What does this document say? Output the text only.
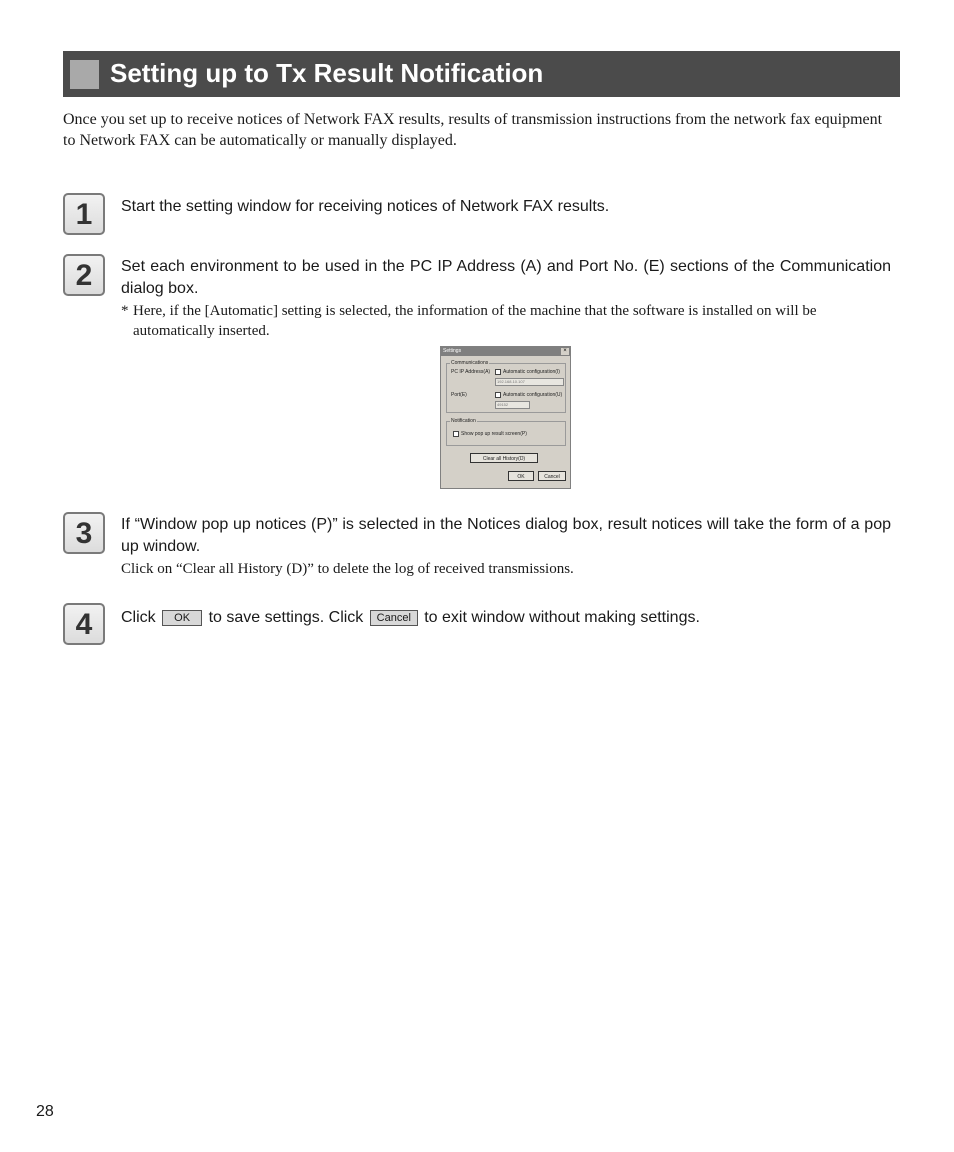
Setting up to Tx Result Notification
Once you set up to receive notices of Network FAX results, results of transmission instructions from the network fax equipment to Network FAX can be automatically or manually displayed.
1	Start the setting window for receiving notices of Network FAX results.
2	Set each environment to be used in the PC IP Address (A) and Port No. (E) sections of the Communication dialog box.
* Here, if the [Automatic] setting is selected, the information of the machine that the software is installed on will be automatically inserted.
Settings	×
Communications
PC IP Address(A)	Automatic configuration(I)
192.168.10.107
Port(E)	Automatic configuration(U)
49152
Notification
Show pop up result screen(P)
Clear all History(D)
OK	Cancel
3	If “Window pop up notices (P)” is selected in the Notices dialog box, result notices will take the form of a pop up window.
Click on “Clear all History (D)” to delete the log of received transmissions.
4	Click OK to save settings. Click Cancel to exit window without making settings.
28
